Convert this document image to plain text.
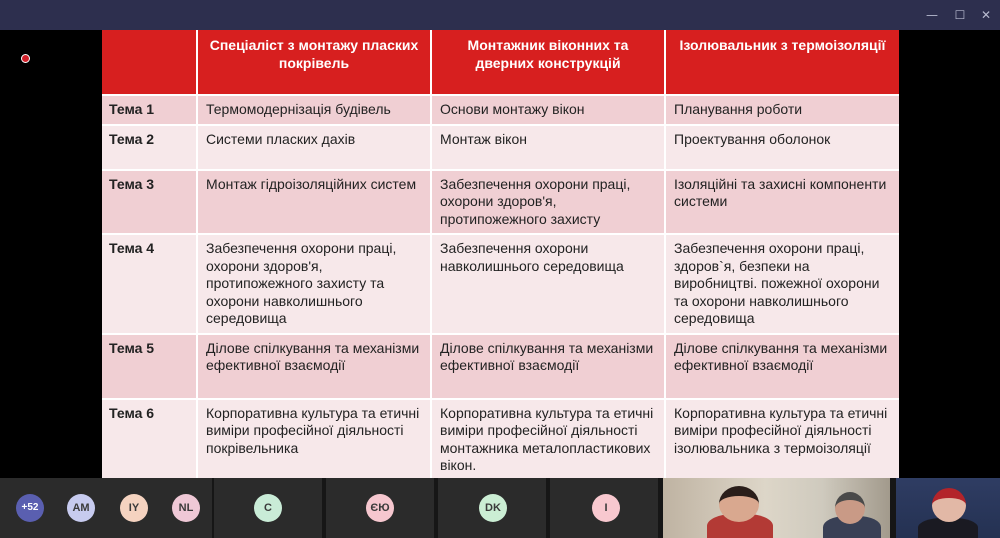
—	☐	✕
	Спеціаліст з монтажу пласких покрівель	Монтажник віконних та дверних конструкцій	Ізолювальник з термоізоляції
Тема 1	Термомодернізація будівель	Основи монтажу вікон	Планування роботи
Тема 2	Системи пласких дахів	Монтаж вікон	Проектування оболонок
Тема 3	Монтаж гідроізоляційних систем	Забезпечення охорони праці, охорони здоров'я, протипожежного захисту	Ізоляційні та захисні компоненти системи
Тема 4	Забезпечення охорони праці, охорони здоров'я, протипожежного захисту та охорони навколишнього середовища	Забезпечення охорони навколишнього середовища	Забезпечення охорони праці, здоров`я, безпеки на виробництві. пожежної охорони та охорони навколишнього середовища
Тема 5	Ділове спілкування та механізми ефективної взаємодії	Ділове спілкування та механізми ефективної взаємодії	Ділове спілкування та механізми ефективної взаємодії
Тема 6	Корпоративна культура та етичні виміри професійної діяльності покрівельника	Корпоративна культура та етичні виміри професійної діяльності монтажника металопластикових вікон.	Корпоративна культура та етичні виміри професійної діяльності ізолювальника з термоізоляції
+52	AM	IY	NL	C	ЄЮ	DK	I
